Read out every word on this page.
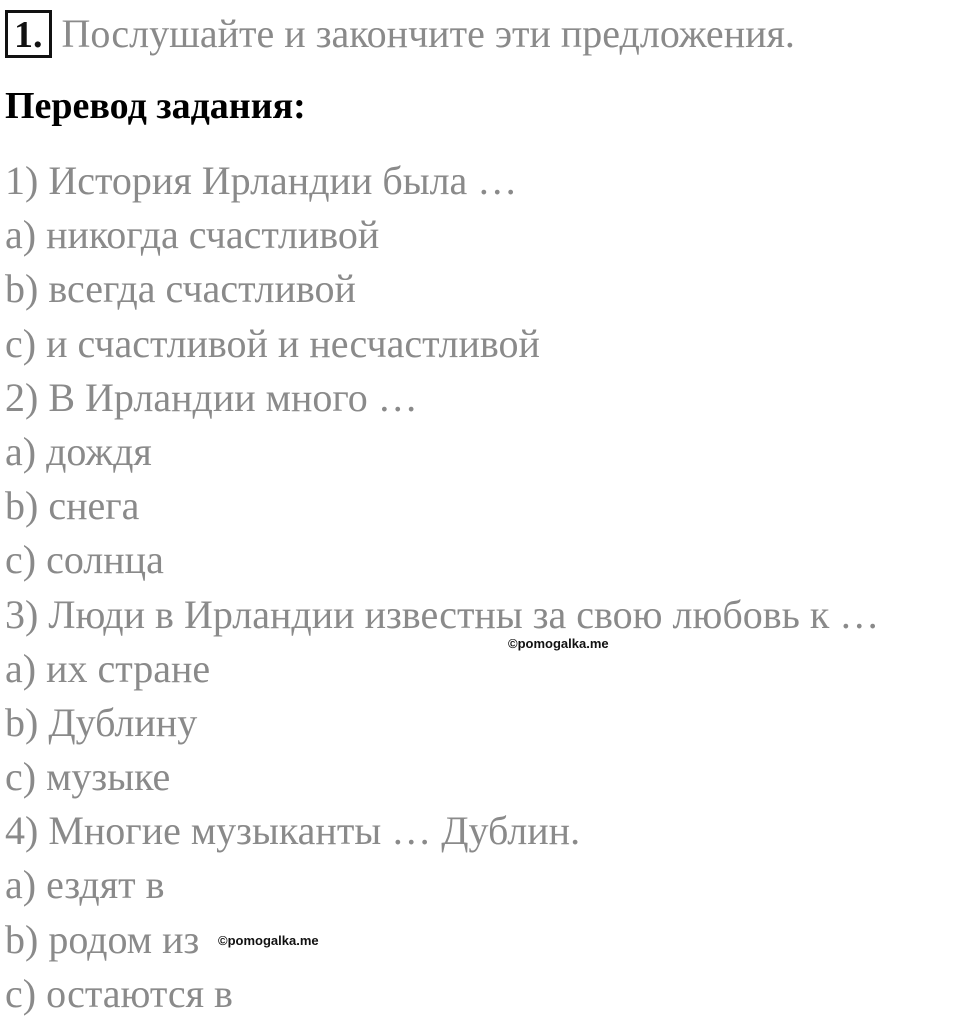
1. Послушайте и закончите эти предложения.
Перевод задания:
1) История Ирландии была …
a) никогда счастливой
b) всегда счастливой
c) и счастливой и несчастливой
2) В Ирландии много …
a) дождя
b) снега
c) солнца
3) Люди в Ирландии известны за свою любовь к …
a) их стране
b) Дублину
c) музыке
4) Многие музыканты … Дублин.
a) ездят в
b) родом из
c) остаются в
©pomogalka.me
©pomogalka.me
